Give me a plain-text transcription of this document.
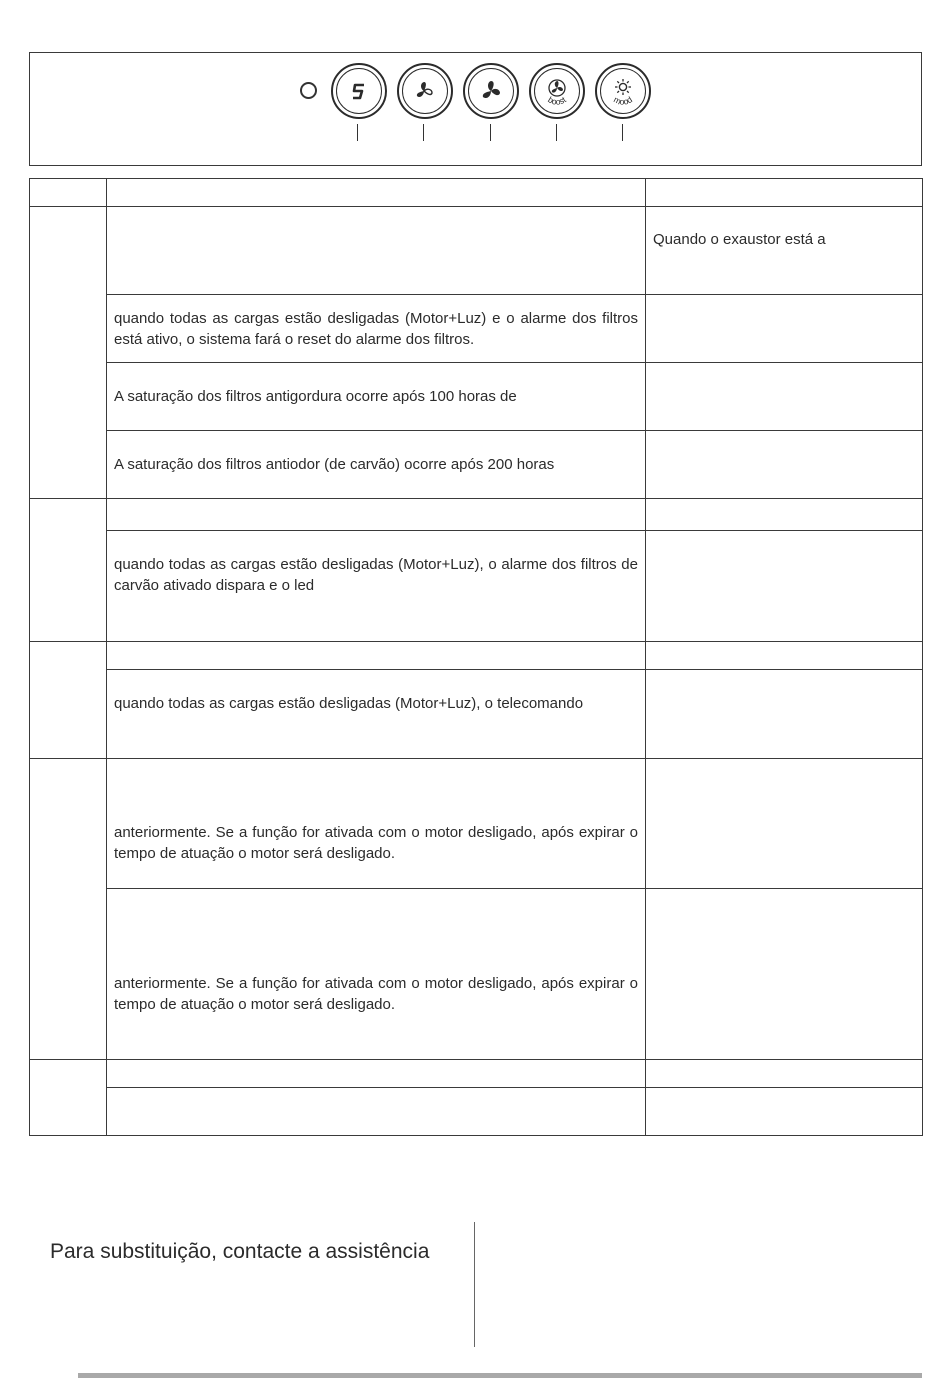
boost	mood

		Quando o exaustor está a

	quando todas as cargas estão desligadas (Motor+Luz) e o alarme dos filtros está ativo, o sistema fará o reset do alarme dos filtros.	

	A saturação dos filtros antigordura ocorre após 100 horas de	

	A saturação dos filtros antiodor (de carvão) ocorre após 200 horas	

	quando todas as cargas estão desligadas (Motor+Luz), o alarme dos filtros de carvão ativado dispara e o led	

	quando todas as cargas estão desligadas (Motor+Luz), o telecomando	

	anteriormente. Se a função for ativada com o motor desligado, após expirar o tempo de atuação o motor será desligado.	

	anteriormente. Se a função for ativada com o motor desligado, após expirar o tempo de atuação o motor será desligado.	

Para substituição, contacte a assistência
